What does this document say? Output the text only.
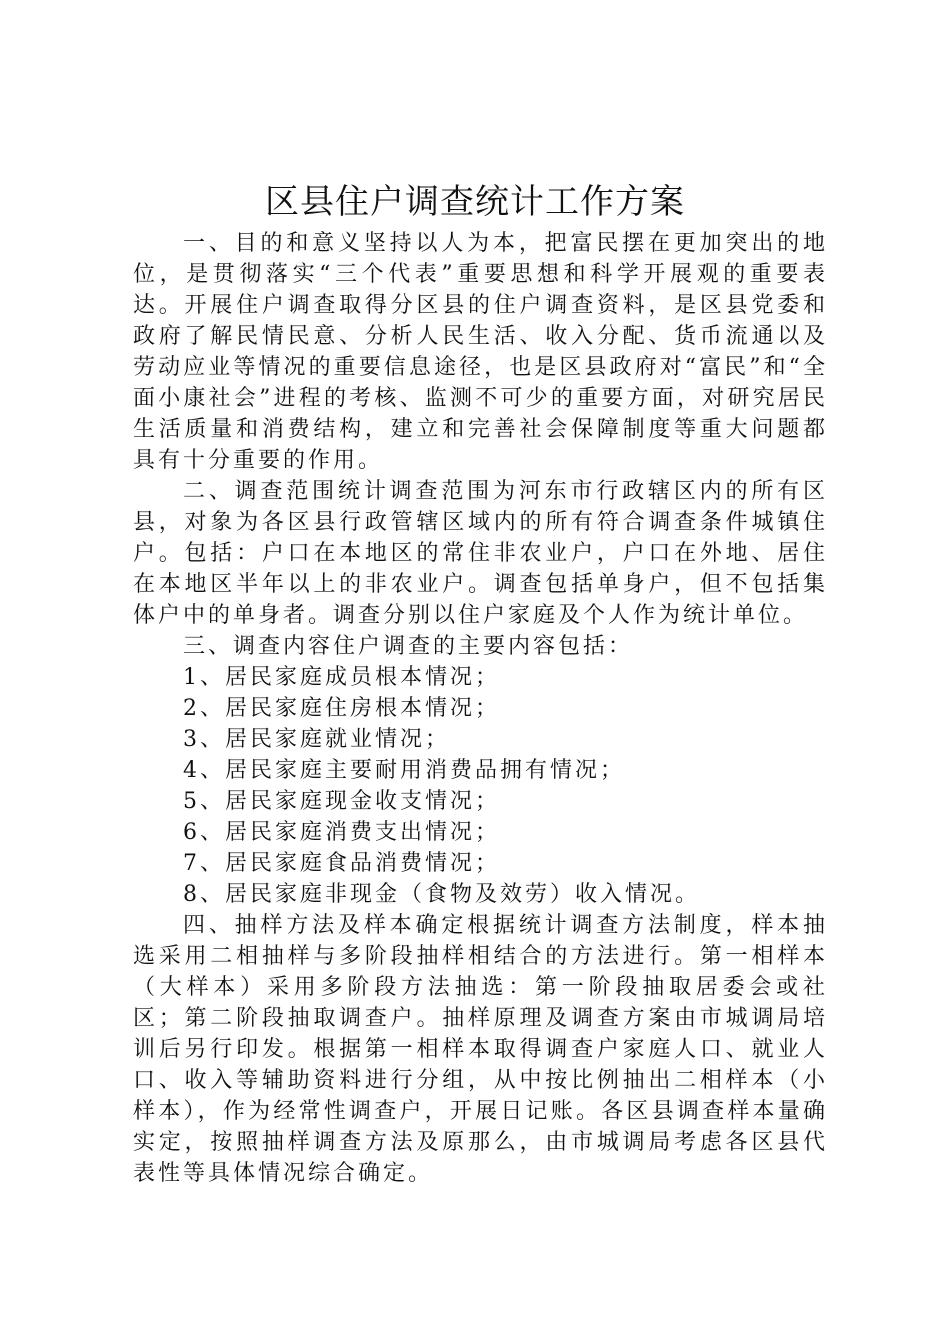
区县住户调查统计工作方案

一、目的和意义坚持以人为本，把富民摆在更加突出的地位，是贯彻落实“三个代表”重要思想和科学开展观的重要表达。开展住户调查取得分区县的住户调查资料，是区县党委和政府了解民情民意、分析人民生活、收入分配、货币流通以及劳动应业等情况的重要信息途径，也是区县政府对“富民”和“全面小康社会”进程的考核、监测不可少的重要方面，对研究居民生活质量和消费结构，建立和完善社会保障制度等重大问题都具有十分重要的作用。

二、调查范围统计调查范围为河东市行政辖区内的所有区县，对象为各区县行政管辖区域内的所有符合调查条件城镇住户。包括：户口在本地区的常住非农业户，户口在外地、居住在本地区半年以上的非农业户。调查包括单身户，但不包括集体户中的单身者。调查分别以住户家庭及个人作为统计单位。

三、调查内容住户调查的主要内容包括：

1、居民家庭成员根本情况；

2、居民家庭住房根本情况；

3、居民家庭就业情况；

4、居民家庭主要耐用消费品拥有情况；

5、居民家庭现金收支情况；

6、居民家庭消费支出情况；

7、居民家庭食品消费情况；

8、居民家庭非现金（食物及效劳）收入情况。

四、抽样方法及样本确定根据统计调查方法制度，样本抽选采用二相抽样与多阶段抽样相结合的方法进行。第一相样本（大样本）采用多阶段方法抽选：第一阶段抽取居委会或社区；第二阶段抽取调查户。抽样原理及调查方案由市城调局培训后另行印发。根据第一相样本取得调查户家庭人口、就业人口、收入等辅助资料进行分组，从中按比例抽出二相样本（小样本），作为经常性调查户，开展日记账。各区县调查样本量确实定，按照抽样调查方法及原那么，由市城调局考虑各区县代表性等具体情况综合确定。
